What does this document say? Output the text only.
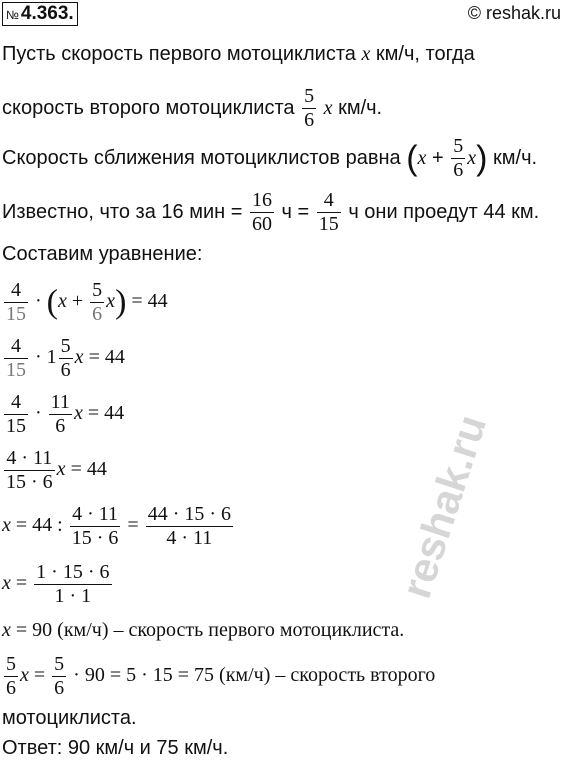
№ 4.363.	© reshak.ru
Пусть скорость первого мотоциклиста x км/ч, тогда
скорость второго мотоциклиста $\frac{5}{6}$ x км/ч.
Скорость сближения мотоциклистов равна $(x + \frac{5}{6} x)$ км/ч.
Известно, что за 16 мин = $\frac{16}{60}$ $ч = \frac{4}{15}$ ч они проедут 44 км.
Составим уравнение:
$\frac{4}{15} \cdot (x + \frac{5}{6} x) = 44$
$\frac{4}{15} \cdot 1 \frac{5}{6}$ x = 44
$\frac{4}{15} \cdot \frac{11}{6}$ x = 44
$\frac{4 \cdot 11}{15 \cdot 6}$ x = 44
x = 44 : $\frac{4 \cdot 11}{15 \cdot 6} = \frac{44 \cdot 15 \cdot 6}{4 \cdot 11}$
$x = \frac{1 \cdot 15 \cdot 6}{1 \cdot 1}$
x = 90 (км/ч) – скорость первого мотоциклиста.
$\frac{5}{6}$ $x = \frac{5}{6} \cdot 90 = 5 \cdot 15 = 75$ (км/ч) – скорость второго
мотоциклиста.
Ответ: 90 км/ч и 75 км/ч.
reshak.ru
